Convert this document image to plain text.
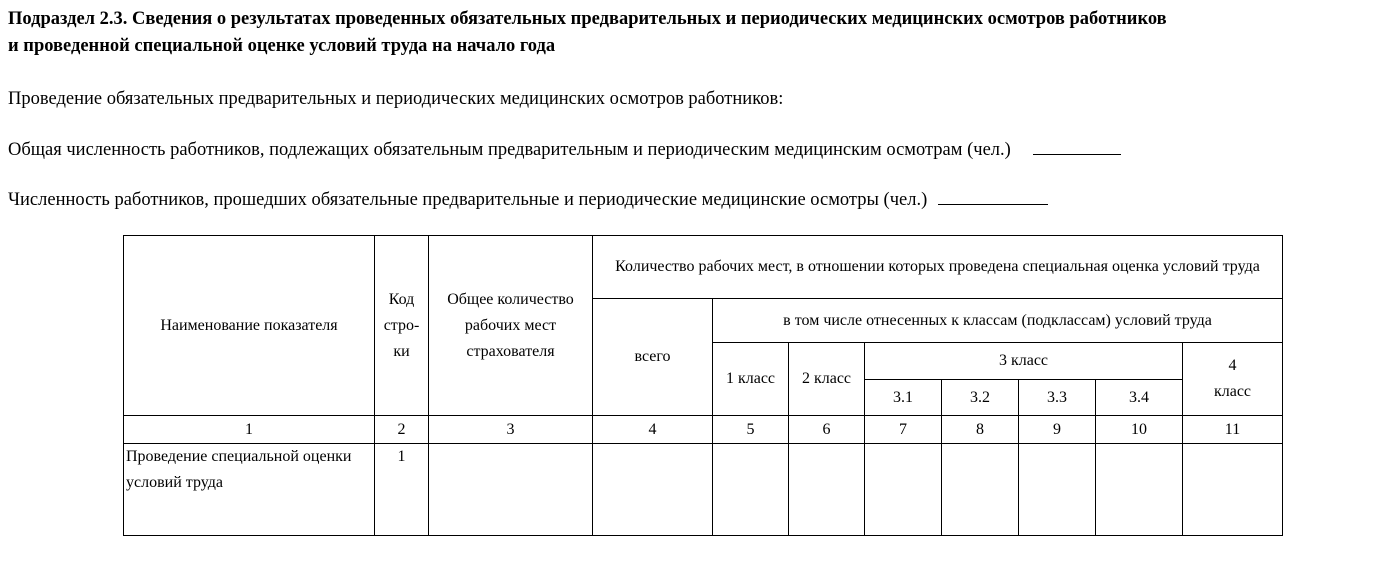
Подраздел 2.3. Сведения о результатах проведенных обязательных предварительных и периодических медицинских осмотров работников
и проведенной специальной оценке условий труда на начало года
Проведение обязательных предварительных и периодических медицинских осмотров работников:
Общая численность работников, подлежащих обязательным предварительным и периодическим медицинским осмотрам (чел.)
Численность работников, прошедших обязательные предварительные и периодические медицинские осмотры (чел.)
Наименование показателя	Код стро-ки	Общее количество рабочих мест страхователя	Количество рабочих мест, в отношении которых проведена специальная оценка условий труда							
			всего	в том числе отнесенных к классам (подклассам) условий труда						
				1 класс	2 класс	3 класс				4 класс
						3.1	3.2	3.3	3.4	
1	2	3	4	5	6	7	8	9	10	11
Проведение специальной оценки условий труда	1									
